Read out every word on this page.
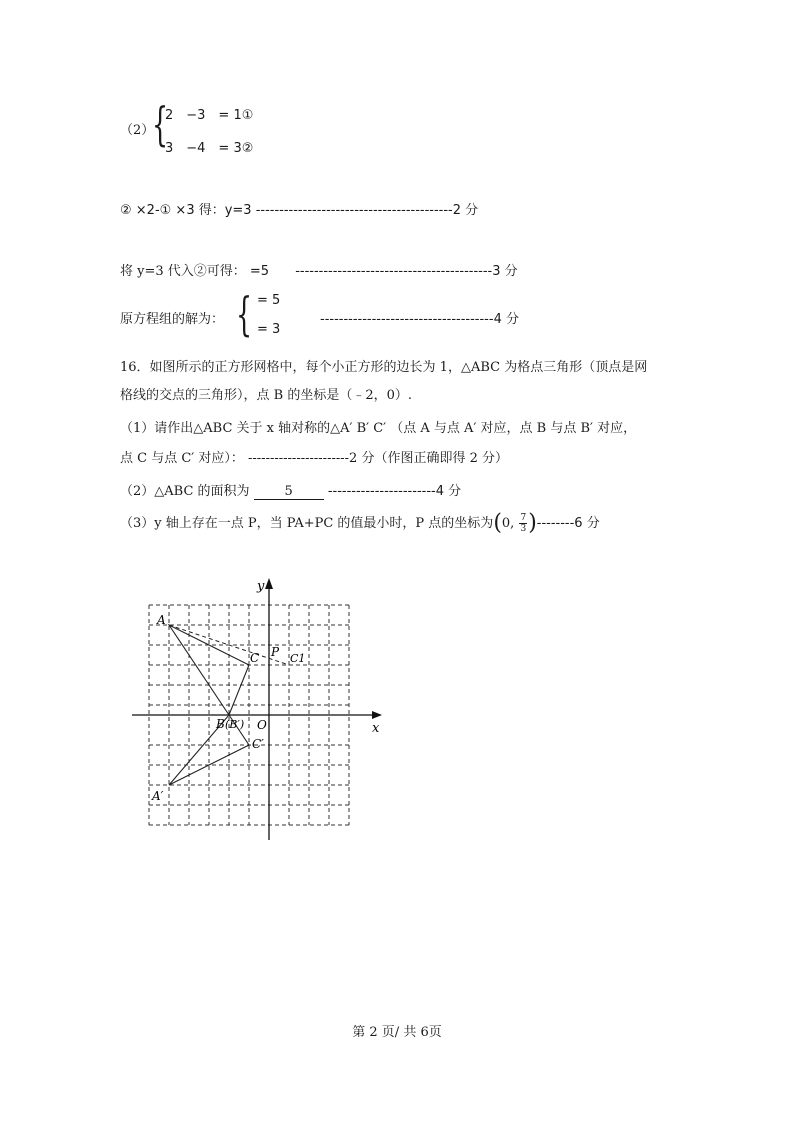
（2）
{
2　−3　= 1①
3　−4　= 3②
② ×2-① ×3 得：y=3 ------------------------------------------2 分
将 y=3 代入②可得： =5 ------------------------------------------3 分
原方程组的解为： { = 5
= 3
-------------------------------------4 分
16．如图所示的正方形网格中，每个小正方形的边长为 1，△ABC 为格点三角形（顶点是网
格线的交点的三角形），点 B 的坐标是（﹣2，0）.
（1）请作出△ABC 关于 x 轴对称的△A′ B′ C′ （点 A 与点 A′ 对应，点 B 与点 B′ 对应，
点 C 与点 C′ 对应）： -----------------------2 分（作图正确即得 2 分）
（2）△ABC 的面积为	5	-----------------------4 分
（3）y 轴上存在一点 P，当 PA+PC 的值最小时，P 点的坐标为(0, $\frac{7}{3} )--------6$ 分
y
x
O
A
B (B′)
C P C1
C′
A′
第 2 页/ 共 6页
